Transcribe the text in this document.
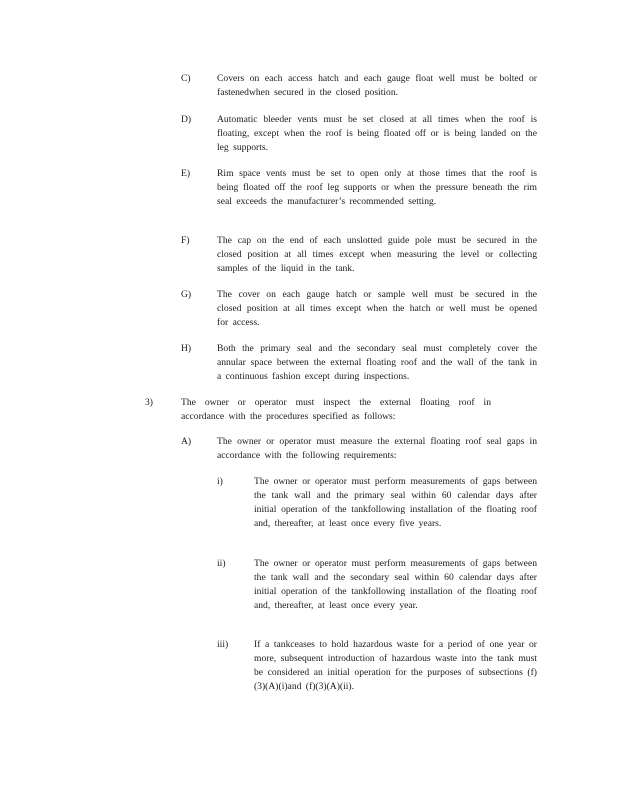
C)	Covers on each access hatch and each gauge float well must be bolted or fastenedwhen secured in the closed position.
D)	Automatic bleeder vents must be set closed at all times when the roof is floating, except when the roof is being floated off or is being landed on the leg supports.
E)	Rim space vents must be set to open only at those times that the roof is being floated off the roof leg supports or when the pressure beneath the rim seal exceeds the manufacturer’s recommended setting.
F)	The cap on the end of each unslotted guide pole must be secured in the closed position at all times except when measuring the level or collecting samples of the liquid in the tank.
G)	The cover on each gauge hatch or sample well must be secured in the closed position at all times except when the hatch or well must be opened for access.
H)	Both the primary seal and the secondary seal must completely cover the annular space between the external floating roof and the wall of the tank in a continuous fashion except during inspections.
3)	The owner or operator must inspect the external floating roof in accordance with the procedures specified as follows:
A)	The owner or operator must measure the external floating roof seal gaps in accordance with the following requirements:
i)	The owner or operator must perform measurements of gaps between the tank wall and the primary seal within 60 calendar days after initial operation of the tankfollowing installation of the floating roof and, thereafter, at least once every five years.
ii)	The owner or operator must perform measurements of gaps between the tank wall and the secondary seal within 60 calendar days after initial operation of the tankfollowing installation of the floating roof and, thereafter, at least once every year.
iii)	If a tankceases to hold hazardous waste for a period of one year or more, subsequent introduction of hazardous waste into the tank must be considered an initial operation for the purposes of subsections (f)(3)(A)(i)and (f)(3)(A)(ii).
